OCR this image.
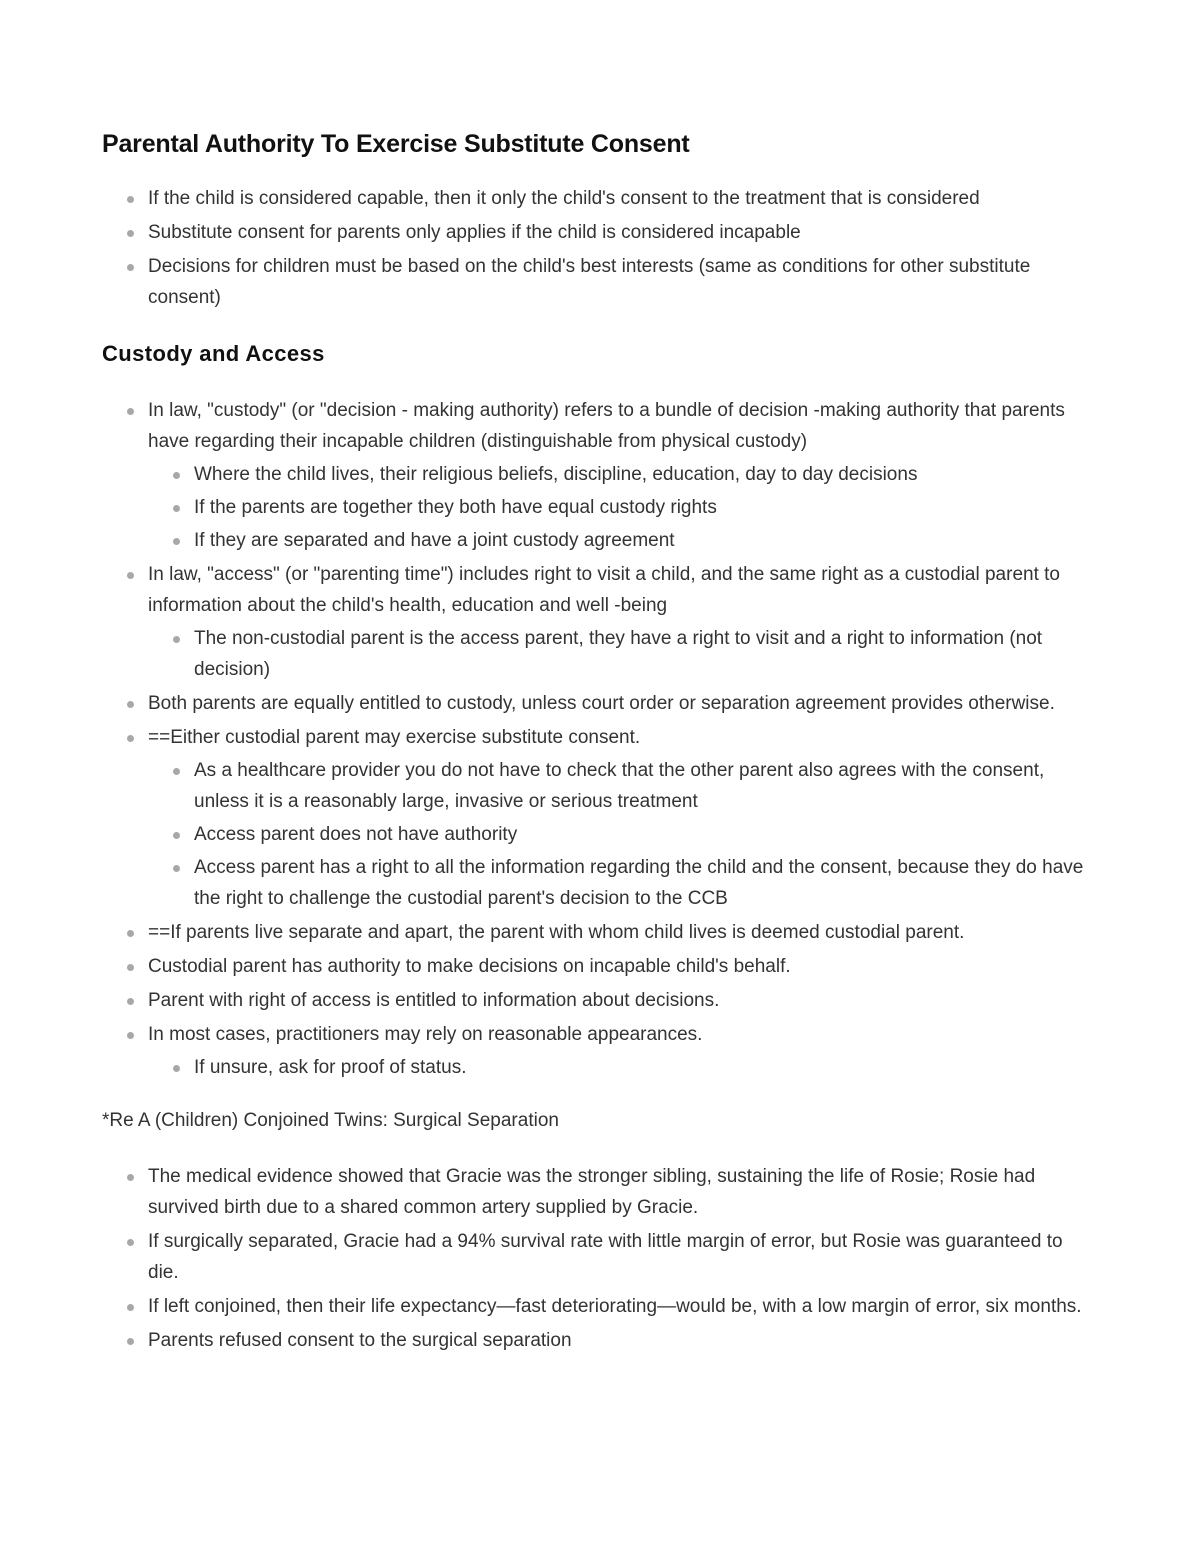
Parental Authority To Exercise Substitute Consent
If the child is considered capable, then it only the child's consent to the treatment that is considered
Substitute consent for parents only applies if the child is considered incapable
Decisions for children must be based on the child's best interests (same as conditions for other substitute consent)
Custody and Access
In law, "custody" (or "decision - making authority) refers to a bundle of decision -making authority that parents have regarding their incapable children (distinguishable from physical custody)
Where the child lives, their religious beliefs, discipline, education, day to day decisions
If the parents are together they both have equal custody rights
If they are separated and have a joint custody agreement
In law, "access" (or "parenting time") includes right to visit a child, and the same right as a custodial parent to information about the child's health, education and well -being
The non-custodial parent is the access parent, they have a right to visit and a right to information (not decision)
Both parents are equally entitled to custody, unless court order or separation agreement provides otherwise.
==Either custodial parent may exercise substitute consent.
As a healthcare provider you do not have to check that the other parent also agrees with the consent, unless it is a reasonably large, invasive or serious treatment
Access parent does not have authority
Access parent has a right to all the information regarding the child and the consent, because they do have the right to challenge the custodial parent's decision to the CCB
==If parents live separate and apart, the parent with whom child lives is deemed custodial parent.
Custodial parent has authority to make decisions on incapable child's behalf.
Parent with right of access is entitled to information about decisions.
In most cases, practitioners may rely on reasonable appearances.
If unsure, ask for proof of status.

*Re A (Children) Conjoined Twins: Surgical Separation

The medical evidence showed that Gracie was the stronger sibling, sustaining the life of Rosie; Rosie had survived birth due to a shared common artery supplied by Gracie.
If surgically separated, Gracie had a 94% survival rate with little margin of error, but Rosie was guaranteed to die.
If left conjoined, then their life expectancy—fast deteriorating—would be, with a low margin of error, six months.
Parents refused consent to the surgical separation
